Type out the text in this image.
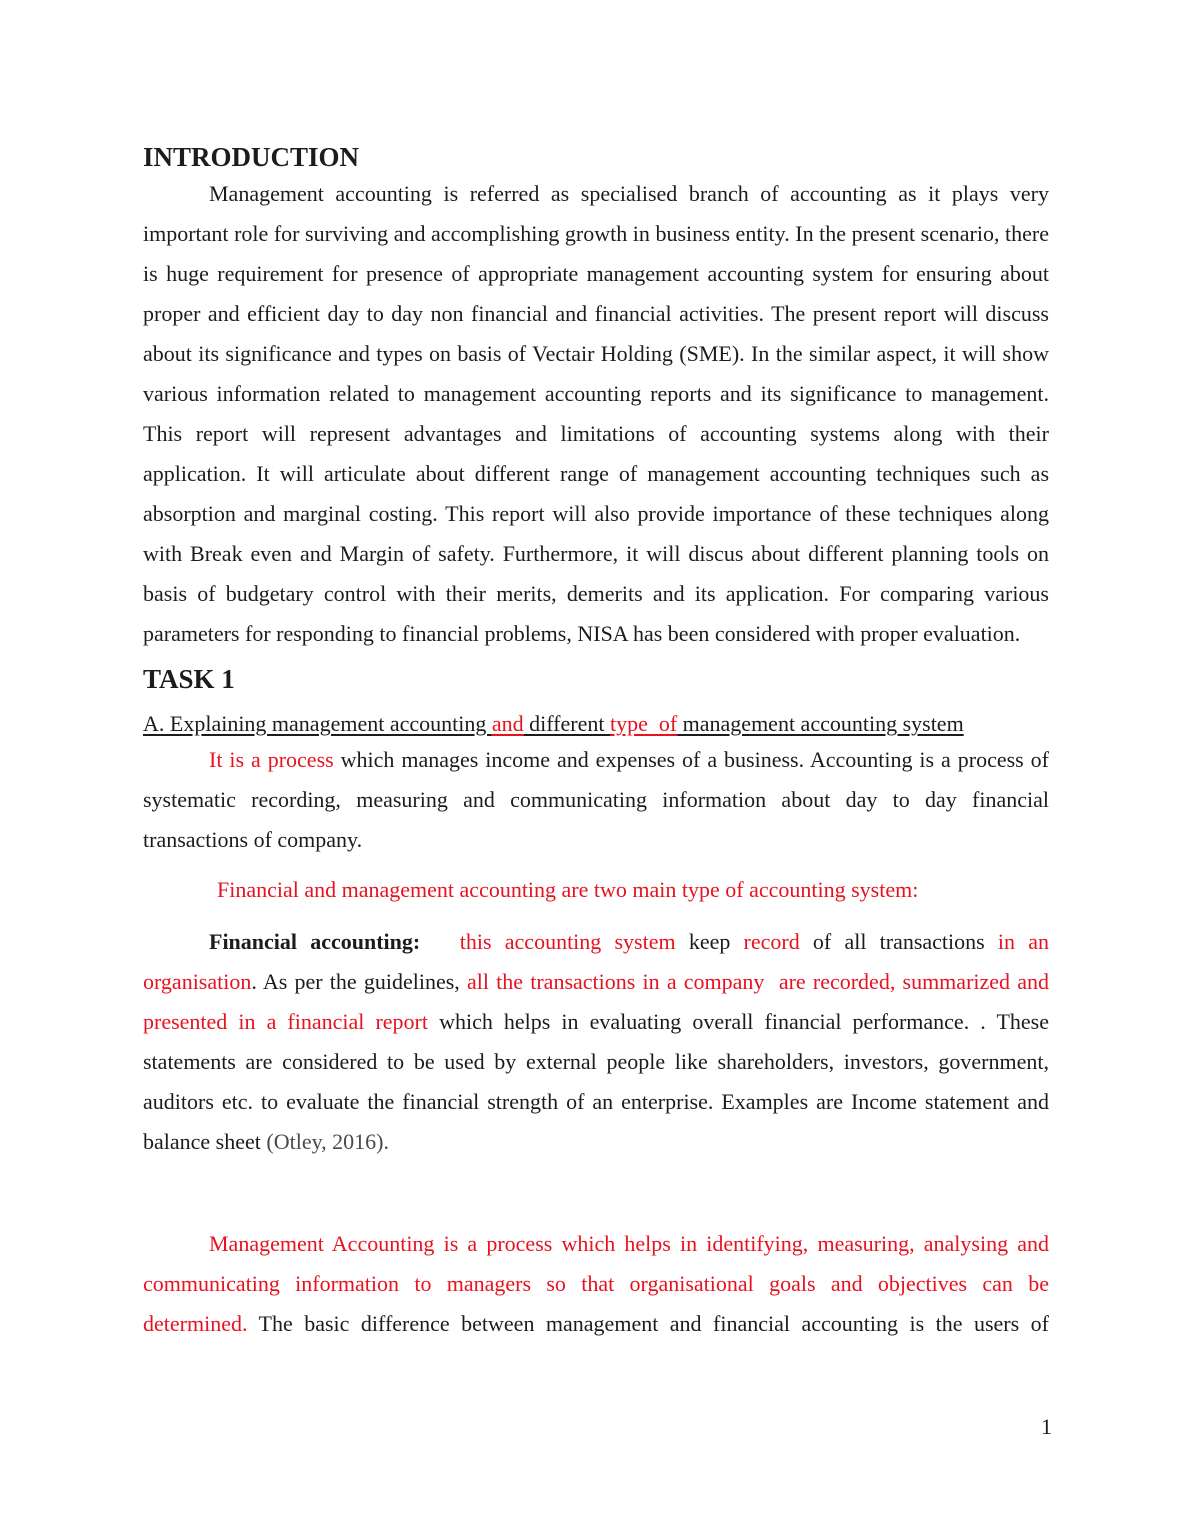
INTRODUCTION

Management accounting is referred as specialised branch of accounting as it plays very important role for surviving and accomplishing growth in business entity. In the present scenario, there is huge requirement for presence of appropriate management accounting system for ensuring about proper and efficient day to day non financial and financial activities. The present report will discuss about its significance and types on basis of Vectair Holding (SME). In the similar aspect, it will show various information related to management accounting reports and its significance to management. This report will represent advantages and limitations of accounting systems along with their application. It will articulate about different range of management accounting techniques such as absorption and marginal costing. This report will also provide importance of these techniques along with Break even and Margin of safety. Furthermore, it will discus about different planning tools on basis of budgetary control with their merits, demerits and its application. For comparing various parameters for responding to financial problems, NISA has been considered with proper evaluation.

TASK 1
A. Explaining management accounting and different type  of management accounting system

It is a process which manages income and expenses of a business. Accounting is a process of systematic recording, measuring and communicating information about day to day financial transactions of company.

Financial and management accounting are two main type of accounting system:

Financial accounting:   this accounting system keep record of all transactions in an organisation. As per the guidelines, all the transactions in a company  are recorded, summarized and presented in a financial report which helps in evaluating overall financial performance. . These statements are considered to be used by external people like shareholders, investors, government, auditors etc. to evaluate the financial strength of an enterprise. Examples are Income statement and balance sheet (Otley, 2016).

Management Accounting is a process which helps in identifying, measuring, analysing and communicating information to managers so that organisational goals and objectives can be determined. The basic difference between management and financial accounting is the users of

1
